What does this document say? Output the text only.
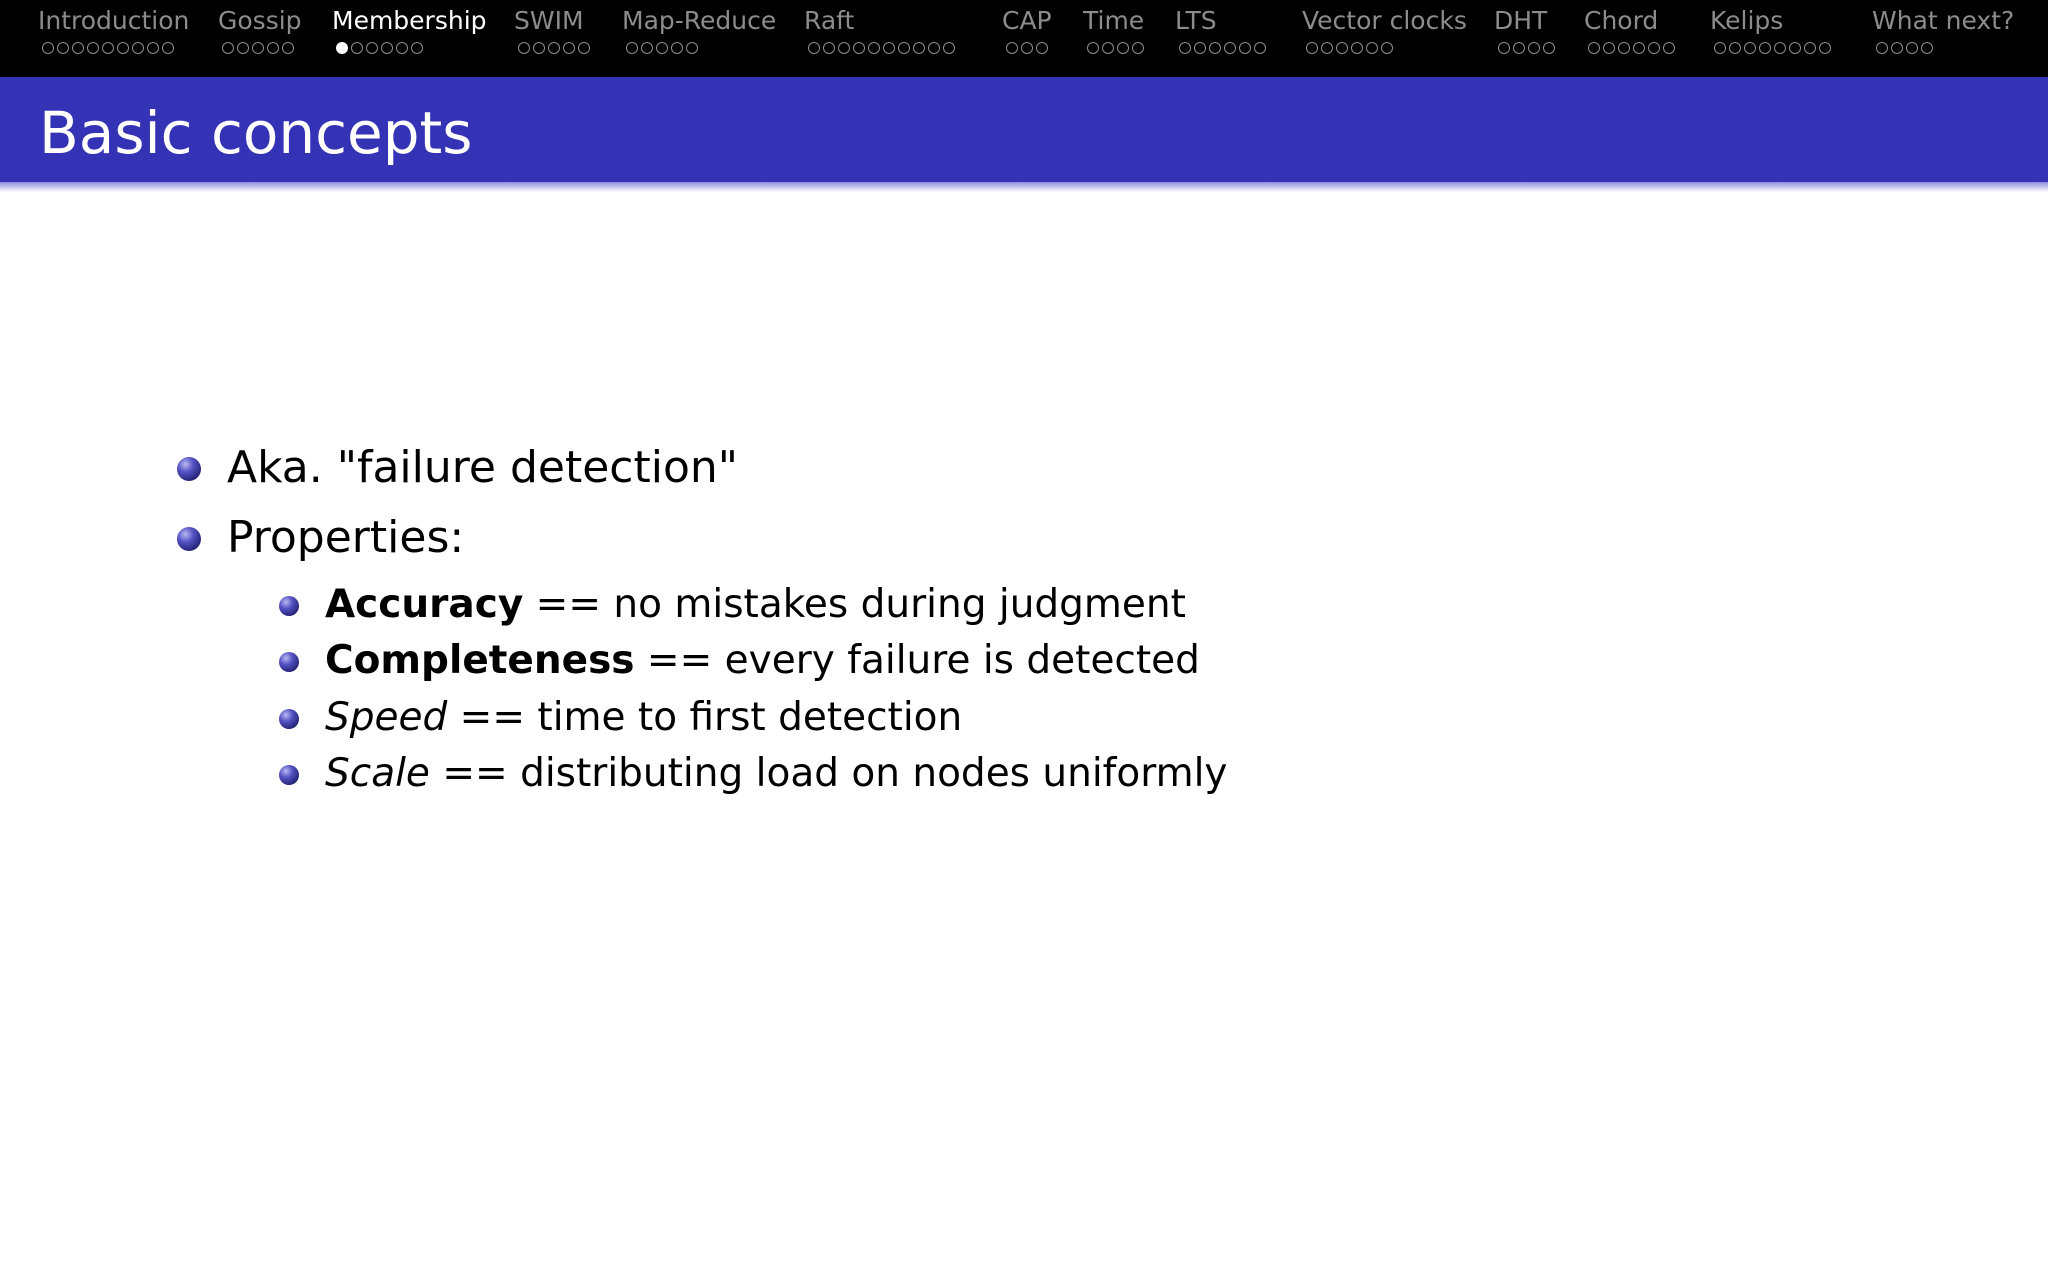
Introduction Gossip Membership SWIM Map-Reduce Raft	CAP Time LTS	Vector clocks DHT Chord Kelips	What next?
Basic concepts
Aka. "failure detection"
Properties:
Accuracy == no mistakes during judgment
Completeness == every failure is detected
Speed == time to first detection
Scale == distributing load on nodes uniformly
